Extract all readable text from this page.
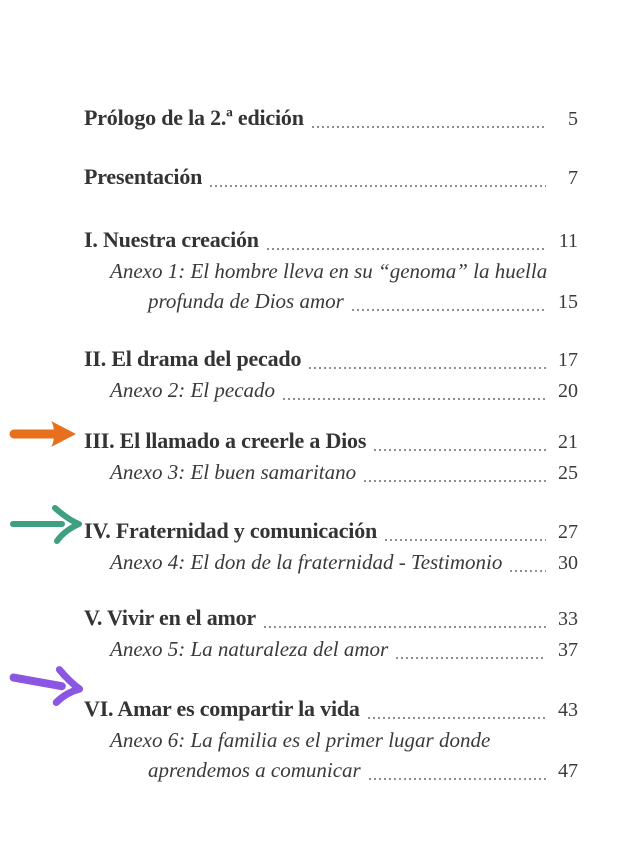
Prólogo de la 2.ª edición	5
Presentación	7
I. Nuestra creación	11
Anexo 1: El hombre lleva en su “genoma” la huella
profunda de Dios amor	15
II. El drama del pecado	17
Anexo 2: El pecado	20
III. El llamado a creerle a Dios	21
Anexo 3: El buen samaritano	25
IV. Fraternidad y comunicación	27
Anexo 4: El don de la fraternidad - Testimonio	30
V. Vivir en el amor	33
Anexo 5: La naturaleza del amor	37
VI. Amar es compartir la vida	43
Anexo 6: La familia es el primer lugar donde
aprendemos a comunicar	47
